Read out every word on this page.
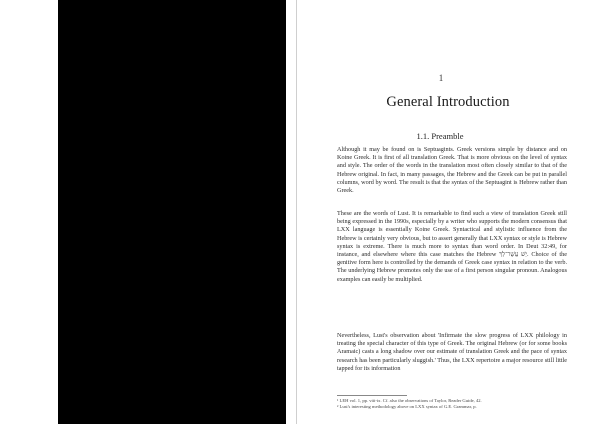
1
General Introduction
1.1. Preamble
Although it may be found on is Septuagints. Greek versions simple by distance and on Koine Greek. It is first of all translation Greek. That is more obvious on the level of syntax and style. The order of the words in the translation most often closely similar to that of the Hebrew original. In fact, in many passages, the Hebrew and the Greek can be put in parallel columns, word by word. The result is that the syntax of the Septuagint is Hebrew rather than Greek.
These are the words of Lust. It is remarkable to find such a view of translation Greek still being expressed in the 1990s, especially by a writer who supports the modern consensus that LXX language is essentially Koine Greek. Syntactical and stylistic influence from the Hebrew is certainly very obvious, but to assert generally that LXX syntax or style is Hebrew syntax is extreme. There is much more to syntax than word order. In Deut 32:49, for instance, and elsewhere where this case matches the Hebrew יֵשׁ עֲשֶׁר־לְךָ. Choice of the genitive form here is controlled by the demands of Greek case syntax in relation to the verb. The underlying Hebrew promotes only the use of a first person singular pronoun. Analogous examples can easily be multiplied.
Nevertheless, Lust's observation about 'Infirmate the slow progress of LXX philology in treating the special character of this type of Greek. The original Hebrew (or for some books Aramaic) casts a long shadow over our estimate of translation Greek and the pace of syntax research has been particularly sluggish.' Thus, the LXX repertoire a major resource still little tapped for its information
¹ LEH vol. 1, pp. viii-ix. Cf. also the observations of Taylor, Reader Guide, 42.
² Lust's interesting methodology above on LXX syntax of G.E. Grammar, p.
